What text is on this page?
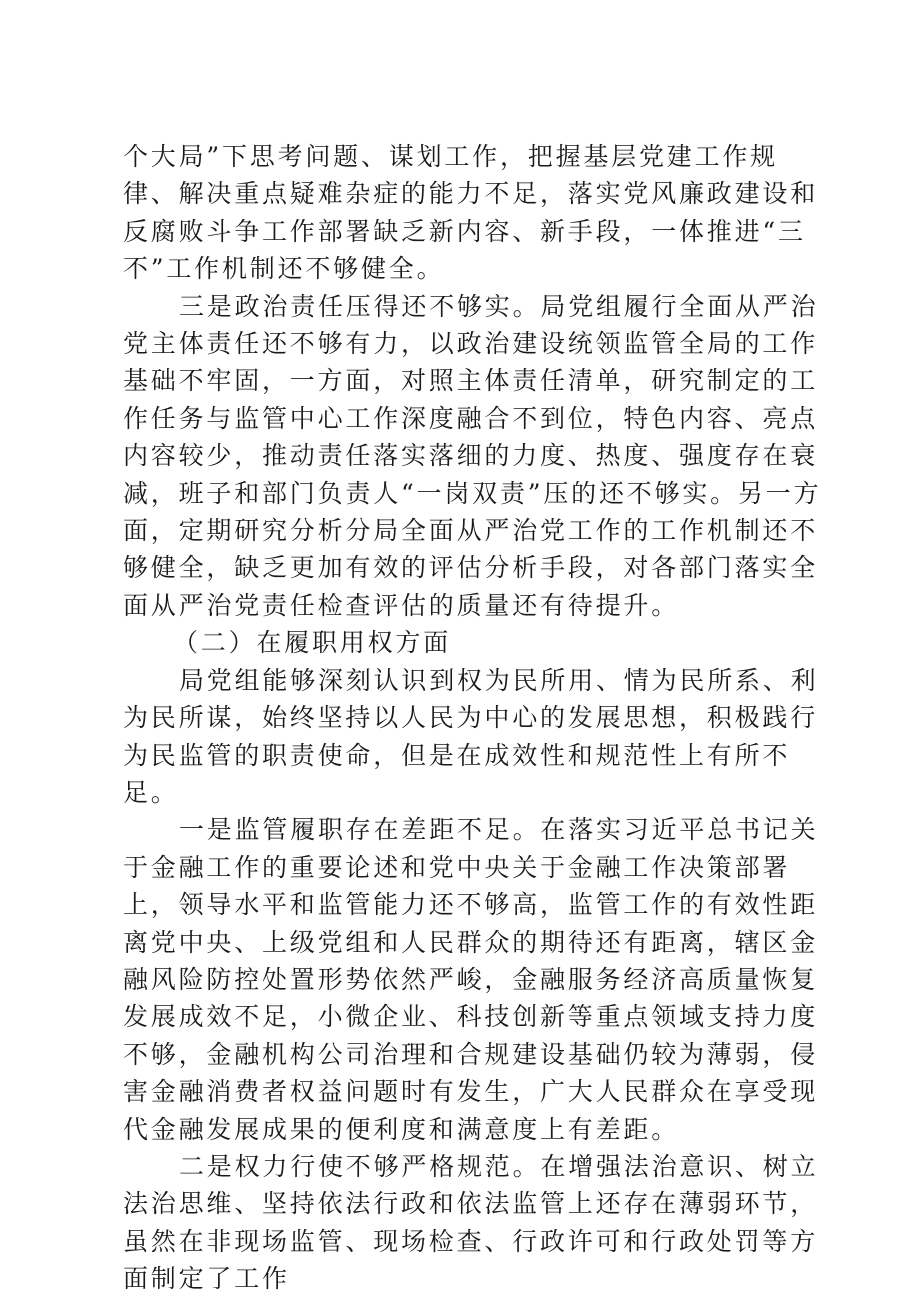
个大局”下思考问题、谋划工作，把握基层党建工作规律、解决重点疑难杂症的能力不足，落实党风廉政建设和反腐败斗争工作部署缺乏新内容、新手段，一体推进“三不”工作机制还不够健全。

三是政治责任压得还不够实。局党组履行全面从严治党主体责任还不够有力，以政治建设统领监管全局的工作基础不牢固，一方面，对照主体责任清单，研究制定的工作任务与监管中心工作深度融合不到位，特色内容、亮点内容较少，推动责任落实落细的力度、热度、强度存在衰减，班子和部门负责人“一岗双责”压的还不够实。另一方面，定期研究分析分局全面从严治党工作的工作机制还不够健全，缺乏更加有效的评估分析手段，对各部门落实全面从严治党责任检查评估的质量还有待提升。

（二）在履职用权方面

局党组能够深刻认识到权为民所用、情为民所系、利为民所谋，始终坚持以人民为中心的发展思想，积极践行为民监管的职责使命，但是在成效性和规范性上有所不足。

一是监管履职存在差距不足。在落实习近平总书记关于金融工作的重要论述和党中央关于金融工作决策部署上，领导水平和监管能力还不够高，监管工作的有效性距离党中央、上级党组和人民群众的期待还有距离，辖区金融风险防控处置形势依然严峻，金融服务经济高质量恢复发展成效不足，小微企业、科技创新等重点领域支持力度不够，金融机构公司治理和合规建设基础仍较为薄弱，侵害金融消费者权益问题时有发生，广大人民群众在享受现代金融发展成果的便利度和满意度上有差距。

二是权力行使不够严格规范。在增强法治意识、树立法治思维、坚持依法行政和依法监管上还存在薄弱环节，虽然在非现场监管、现场检查、行政许可和行政处罚等方面制定了工作
